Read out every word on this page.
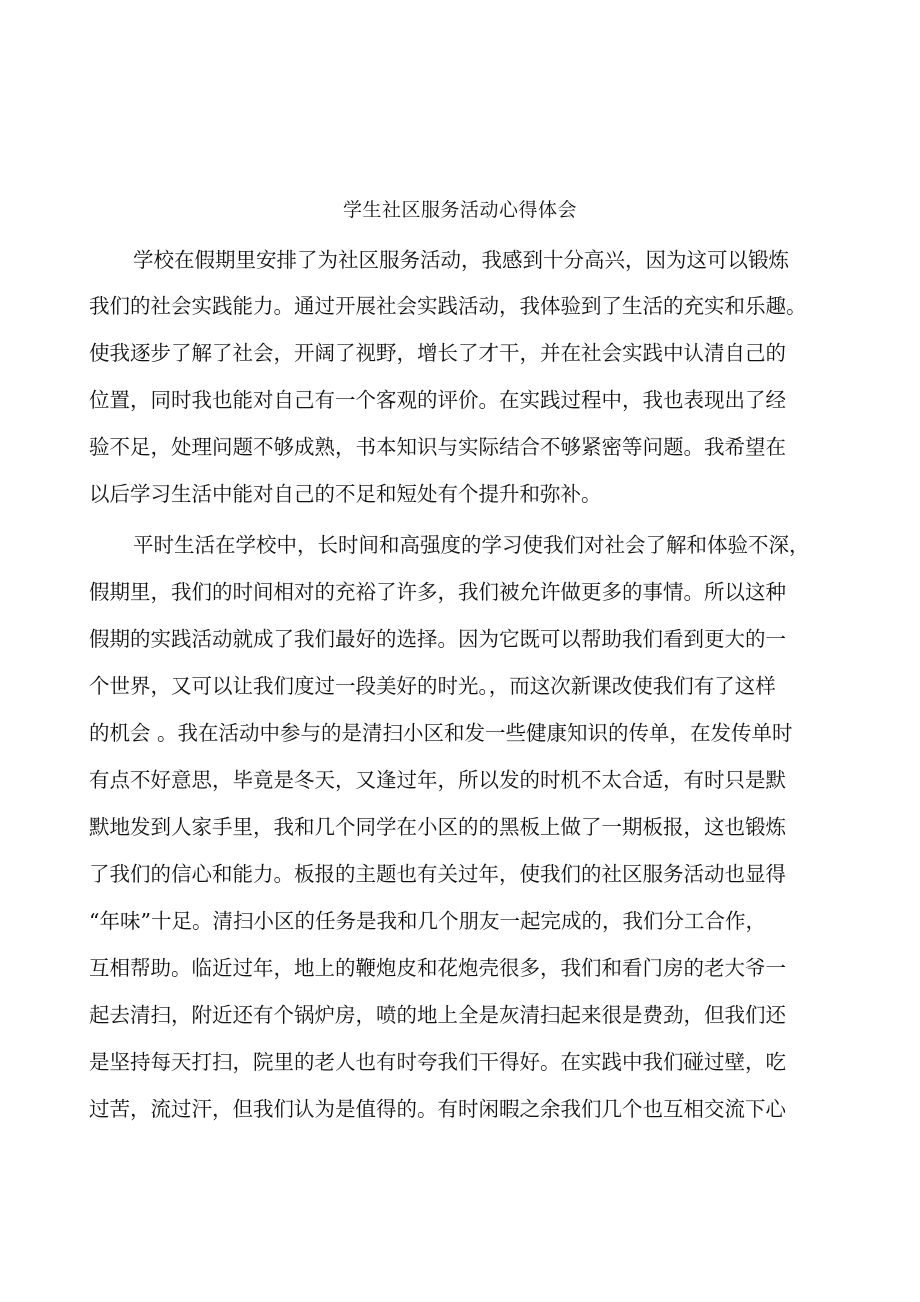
学生社区服务活动心得体会
学校在假期里安排了为社区服务活动，我感到十分高兴，因为这可以锻炼
我们的社会实践能力。通过开展社会实践活动，我体验到了生活的充实和乐趣。
使我逐步了解了社会，开阔了视野，增长了才干，并在社会实践中认清自己的
位置，同时我也能对自己有一个客观的评价。在实践过程中，我也表现出了经
验不足，处理问题不够成熟，书本知识与实际结合不够紧密等问题。我希望在
以后学习生活中能对自己的不足和短处有个提升和弥补。
平时生活在学校中，长时间和高强度的学习使我们对社会了解和体验不深，
假期里，我们的时间相对的充裕了许多，我们被允许做更多的事情。所以这种
假期的实践活动就成了我们最好的选择。因为它既可以帮助我们看到更大的一
个世界，又可以让我们度过一段美好的时光。，而这次新课改使我们有了这样
的机会 。我在活动中参与的是清扫小区和发一些健康知识的传单，在发传单时
有点不好意思，毕竟是冬天，又逢过年，所以发的时机不太合适，有时只是默
默地发到人家手里，我和几个同学在小区的的黑板上做了一期板报，这也锻炼
了我们的信心和能力。板报的主题也有关过年，使我们的社区服务活动也显得
“年味”十足。清扫小区的任务是我和几个朋友一起完成的，我们分工合作，
互相帮助。临近过年，地上的鞭炮皮和花炮壳很多，我们和看门房的老大爷一
起去清扫，附近还有个锅炉房，喷的地上全是灰清扫起来很是费劲，但我们还
是坚持每天打扫，院里的老人也有时夸我们干得好。在实践中我们碰过壁，吃
过苦，流过汗，但我们认为是值得的。有时闲暇之余我们几个也互相交流下心
